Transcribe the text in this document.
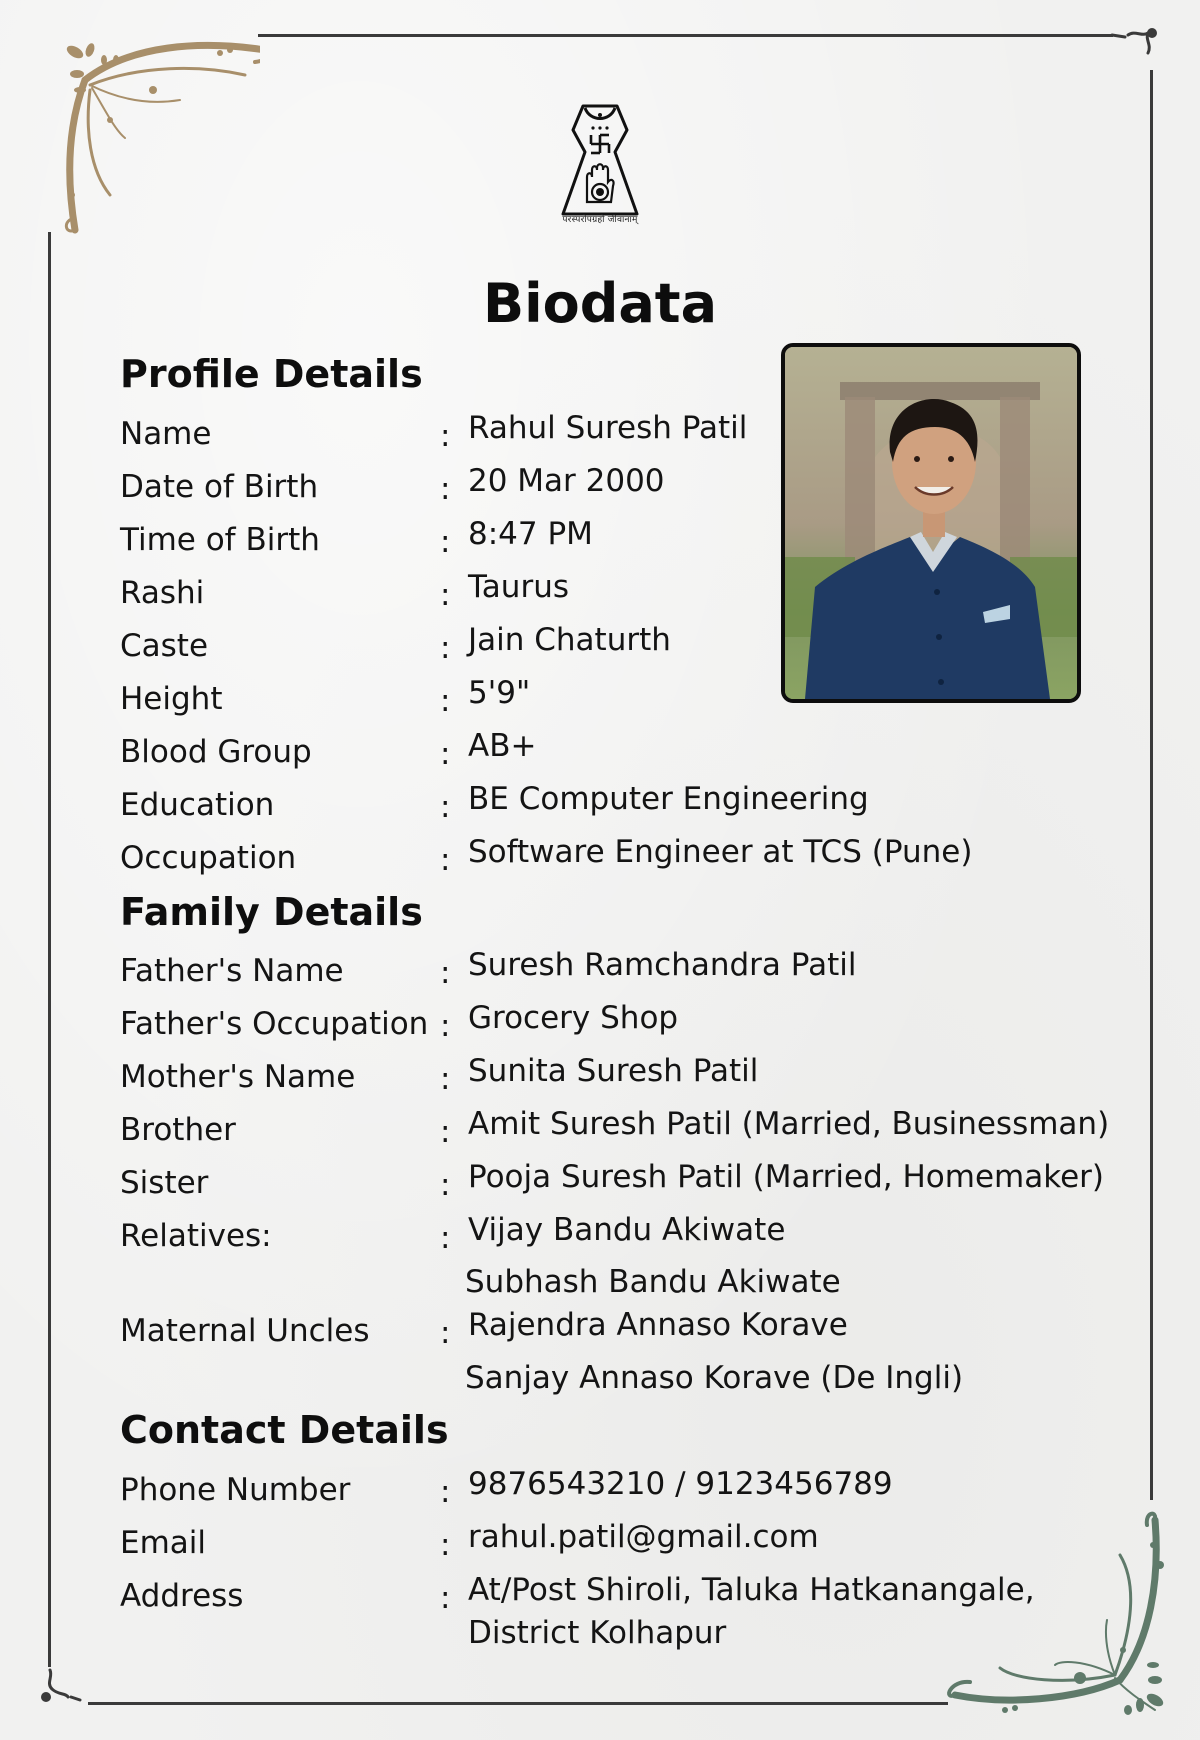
परस्परोपग्रहो जीवानाम्
Biodata
Profile Details
Name	: Rahul Suresh Patil
Date of Birth	: 20 Mar 2000
Time of Birth	: 8:47 PM
Rashi	: Taurus
Caste	: Jain Chaturth
Height	: 5'9"
Blood Group	: AB+
Education	: BE Computer Engineering
Occupation	: Software Engineer at TCS (Pune)
Family Details
Father's Name	: Suresh Ramchandra Patil
Father's Occupation : Grocery Shop
Mother's Name	: Sunita Suresh Patil
Brother	: Amit Suresh Patil (Married, Businessman)
Sister	: Pooja Suresh Patil (Married, Homemaker)
Relatives:	: Vijay Bandu Akiwate
Subhash Bandu Akiwate
Maternal Uncles : Rajendra Annaso Korave
Sanjay Annaso Korave (De Ingli)
Contact Details
Phone Number	: 9876543210 / 9123456789
Email	: rahul.patil@gmail.com
Address	: At/Post Shiroli, Taluka Hatkanangale,
District Kolhapur
